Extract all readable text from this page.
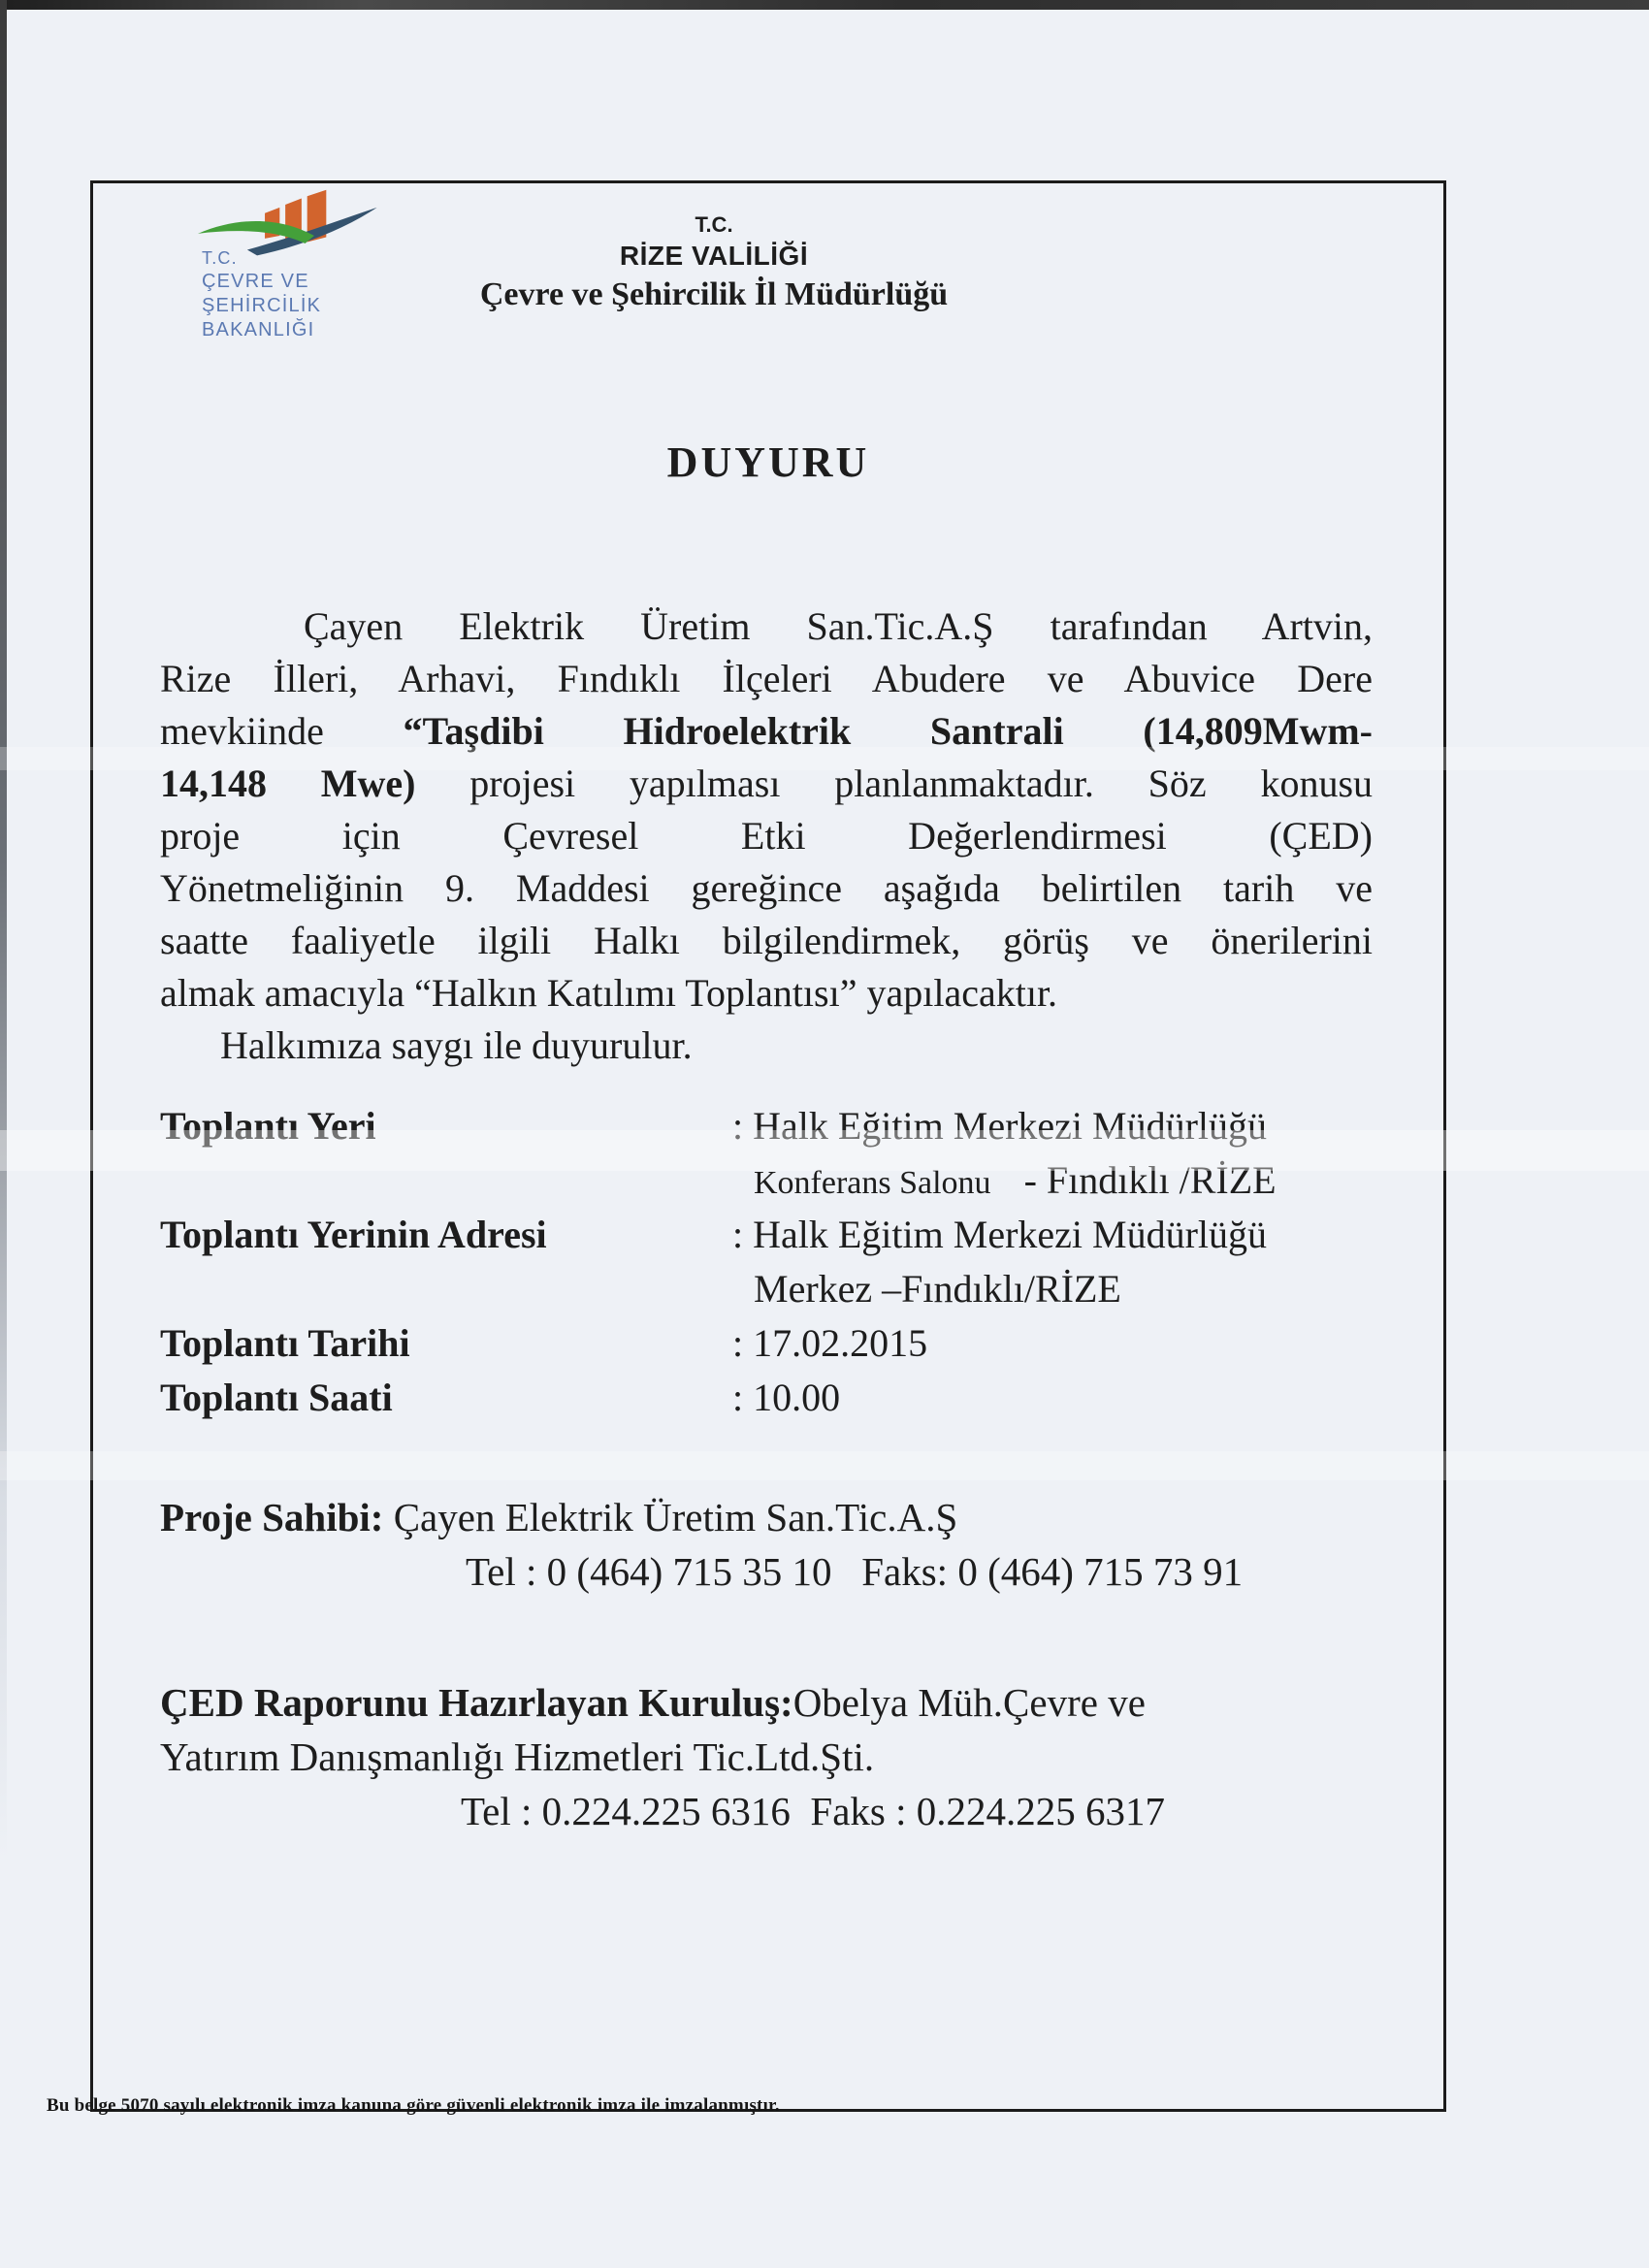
T.C.
ÇEVRE VE ŞEHİRCİLİK
BAKANLIĞI
T.C.
RİZE VALİLİĞİ
Çevre ve Şehircilik İl Müdürlüğü
DUYURU
Çayen Elektrik Üretim San.Tic.A.Ş tarafından Artvin,
Rize İlleri, Arhavi, Fındıklı İlçeleri Abudere ve Abuvice Dere
mevkiinde “Taşdibi Hidroelektrik Santrali (14,809Mwm-
14,148 Mwe) projesi yapılması planlanmaktadır. Söz konusu
proje için Çevresel Etki Değerlendirmesi (ÇED)
Yönetmeliğinin 9. Maddesi gereğince aşağıda belirtilen tarih ve
saatte faaliyetle ilgili Halkı bilgilendirmek, görüş ve önerilerini
almak amacıyla “Halkın Katılımı Toplantısı” yapılacaktır.
Halkımıza saygı ile duyurulur.
Toplantı Yeri	: Halk Eğitim Merkezi Müdürlüğü
Konferans Salonu - Fındıklı /RİZE
Toplantı Yerinin Adresi	: Halk Eğitim Merkezi Müdürlüğü
Merkez –Fındıklı/RİZE
Toplantı Tarihi	: 17.02.2015
Toplantı Saati	: 10.00
Proje Sahibi: Çayen Elektrik Üretim San.Tic.A.Ş
Tel : 0 (464) 715 35 10   Faks: 0 (464) 715 73 91
ÇED Raporunu Hazırlayan Kuruluş:Obelya Müh.Çevre ve
Yatırım Danışmanlığı Hizmetleri Tic.Ltd.Şti.
Tel : 0.224.225 6316  Faks : 0.224.225 6317
Bu belge 5070 sayılı elektronik imza kanuna göre güvenli elektronik imza ile imzalanmıştır.
